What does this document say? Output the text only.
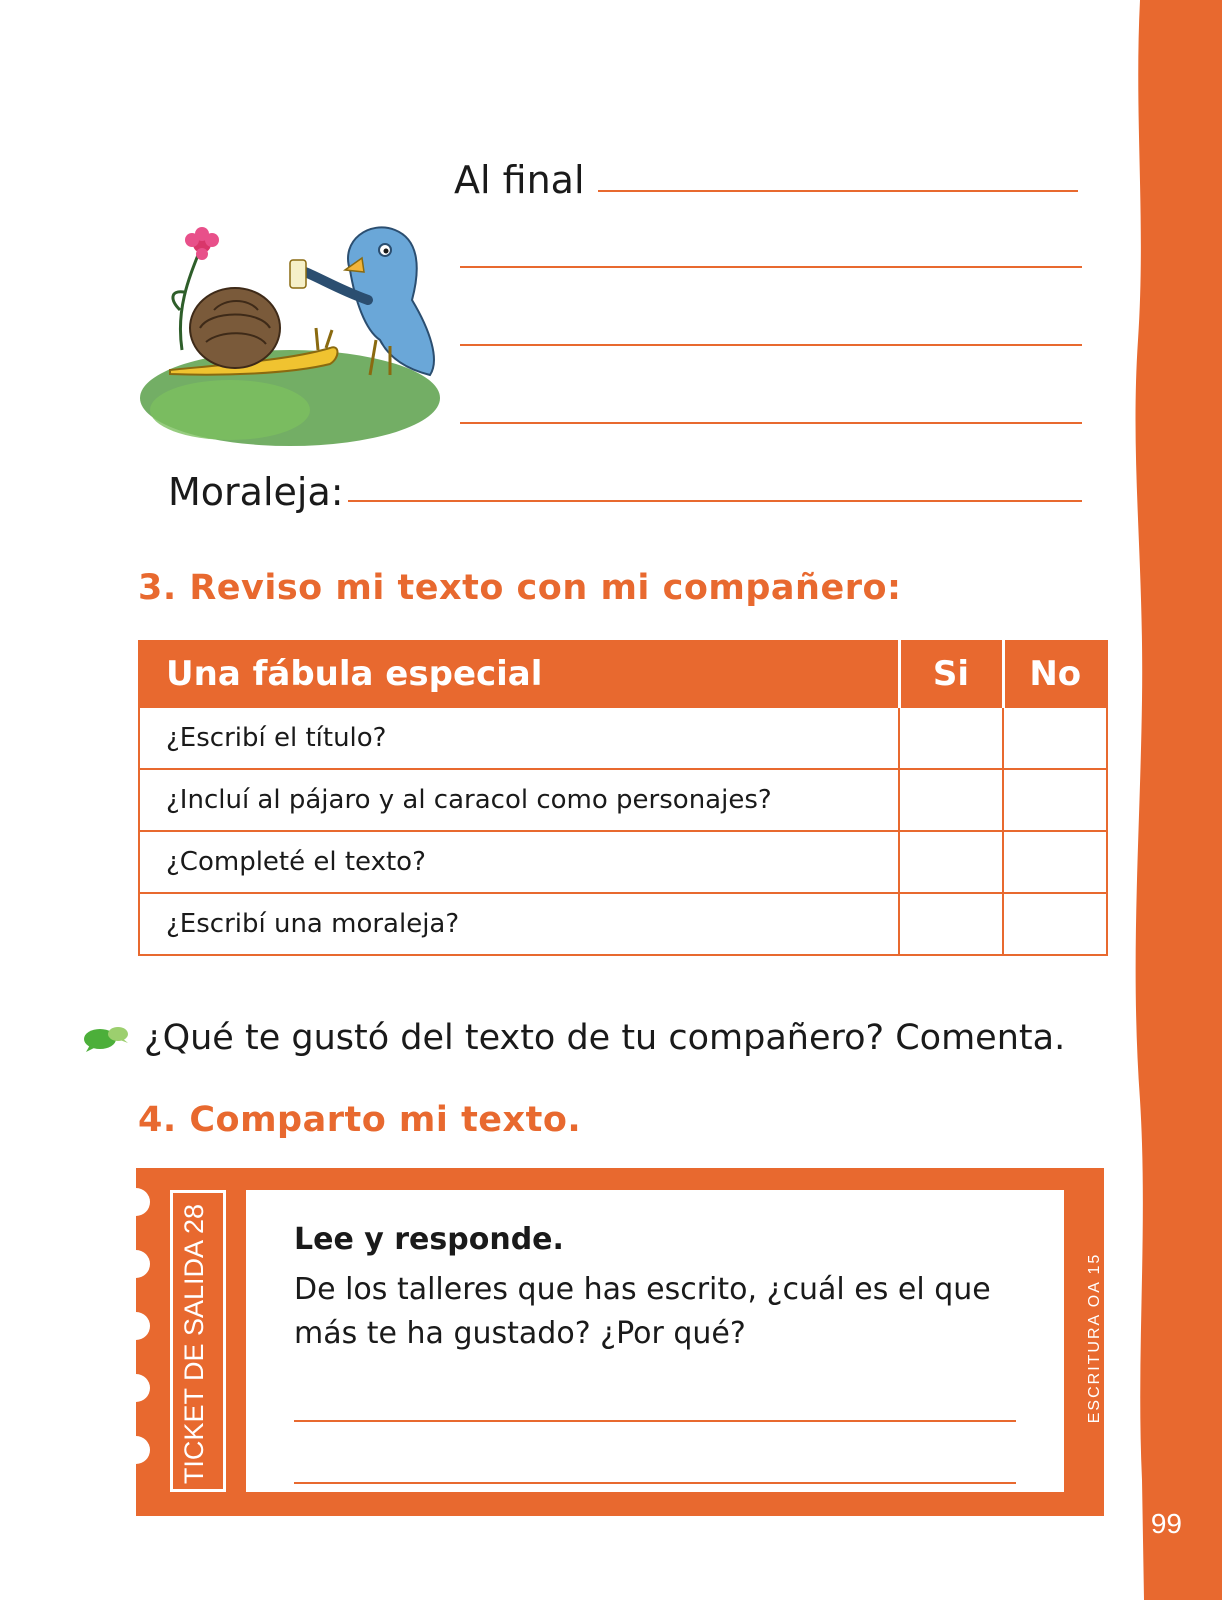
99
Al final
Moraleja:
3. Reviso mi texto con mi compañero:
Una fábula especial	Si	No
¿Escribí el título?		
¿Incluí al pájaro y al caracol como personajes?		
¿Completé el texto?		
¿Escribí una moraleja?		
¿Qué te gustó del texto de tu compañero? Comenta.
4. Comparto mi texto.
TICKET DE SALIDA 28	Lee y responde.
De los talleres que has escrito, ¿cuál es el que
más te ha gustado? ¿Por qué?	ESCRITURA OA 15
